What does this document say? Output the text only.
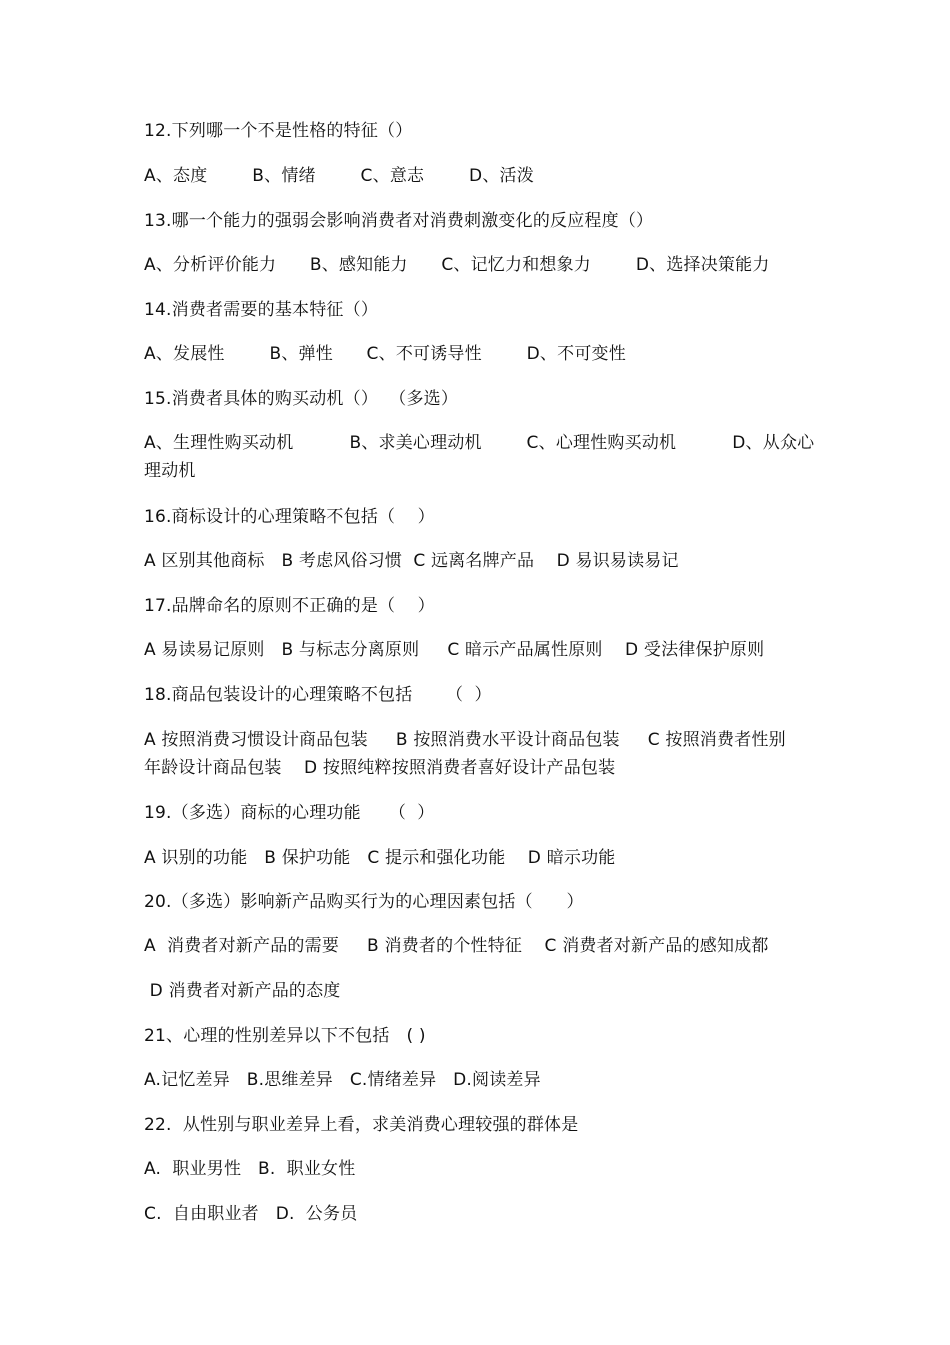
12.下列哪一个不是性格的特征（）
A、态度        B、情绪        C、意志        D、活泼
13.哪一个能力的强弱会影响消费者对消费刺激变化的反应程度（）
A、分析评价能力      B、感知能力      C、记忆力和想象力        D、选择决策能力
14.消费者需要的基本特征（）
A、发展性        B、弹性      C、不可诱导性        D、不可变性
15.消费者具体的购买动机（）  （多选）
A、生理性购买动机          B、求美心理动机        C、心理性购买动机          D、从众心
理动机
16.商标设计的心理策略不包括（    ）
A 区别其他商标   B 考虑风俗习惯  C 远离名牌产品    D 易识易读易记
17.品牌命名的原则不正确的是（    ）
A 易读易记原则   B 与标志分离原则     C 暗示产品属性原则    D 受法律保护原则
18.商品包装设计的心理策略不包括      （  ）
A 按照消费习惯设计商品包装     B 按照消费水平设计商品包装     C 按照消费者性别
年龄设计商品包装    D 按照纯粹按照消费者喜好设计产品包装
19.（多选）商标的心理功能     （  ）
A 识别的功能   B 保护功能   C 提示和强化功能    D 暗示功能
20.（多选）影响新产品购买行为的心理因素包括（      ）
A  消费者对新产品的需要     B 消费者的个性特征    C 消费者对新产品的感知成都
D 消费者对新产品的态度
21、心理的性别差异以下不包括   ( )
A.记忆差异   B.思维差异   C.情绪差异   D.阅读差异
22.  从性别与职业差异上看，求美消费心理较强的群体是
A.  职业男性   B.  职业女性
C.  自由职业者   D.  公务员
